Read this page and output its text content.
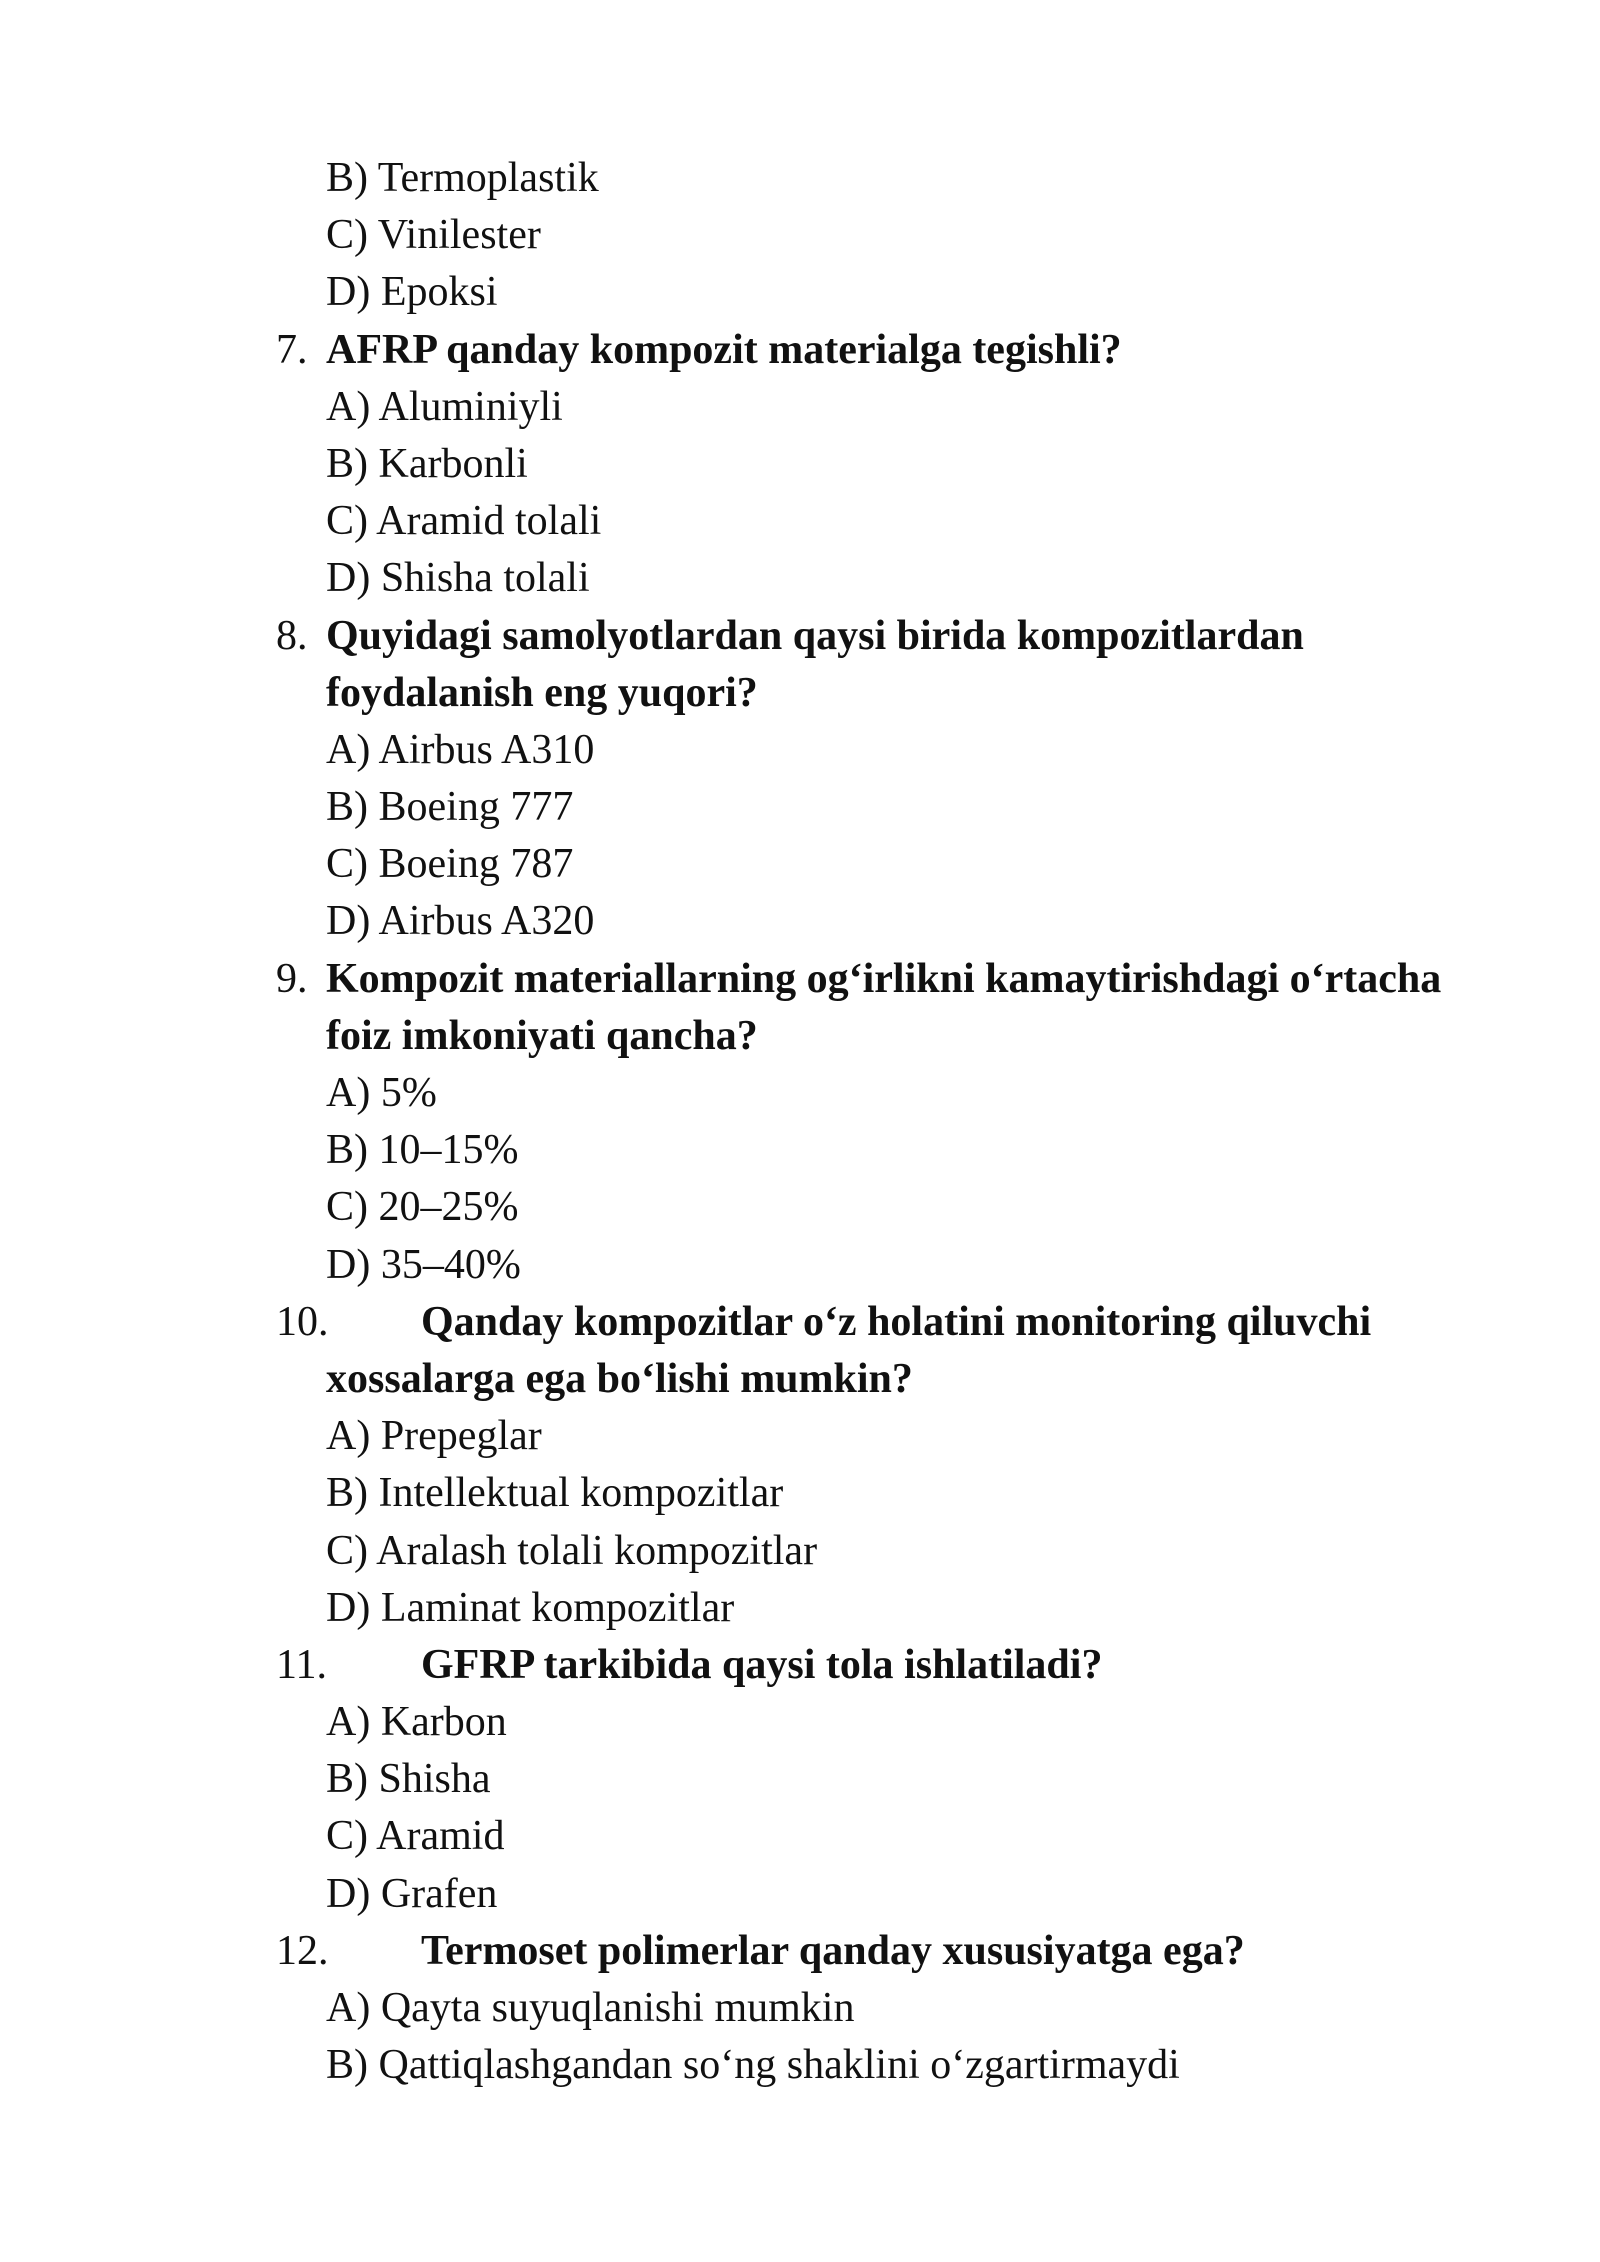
B) Termoplastik
C) Vinilester
D) Epoksi
7. AFRP qanday kompozit materialga tegishli?
A) Aluminiyli
B) Karbonli
C) Aramid tolali
D) Shisha tolali
8. Quyidagi samolyotlardan qaysi birida kompozitlardan
foydalanish eng yuqori?
A) Airbus A310
B) Boeing 777
C) Boeing 787
D) Airbus A320
9. Kompozit materiallarning og‘irlikni kamaytirishdagi o‘rtacha
foiz imkoniyati qancha?
A) 5%
B) 10–15%
C) 20–25%
D) 35–40%
10. Qanday kompozitlar o‘z holatini monitoring qiluvchi
xossalarga ega bo‘lishi mumkin?
A) Prepeglar
B) Intellektual kompozitlar
C) Aralash tolali kompozitlar
D) Laminat kompozitlar
11. GFRP tarkibida qaysi tola ishlatiladi?
A) Karbon
B) Shisha
C) Aramid
D) Grafen
12. Termoset polimerlar qanday xususiyatga ega?
A) Qayta suyuqlanishi mumkin
B) Qattiqlashgandan so‘ng shaklini o‘zgartirmaydi
